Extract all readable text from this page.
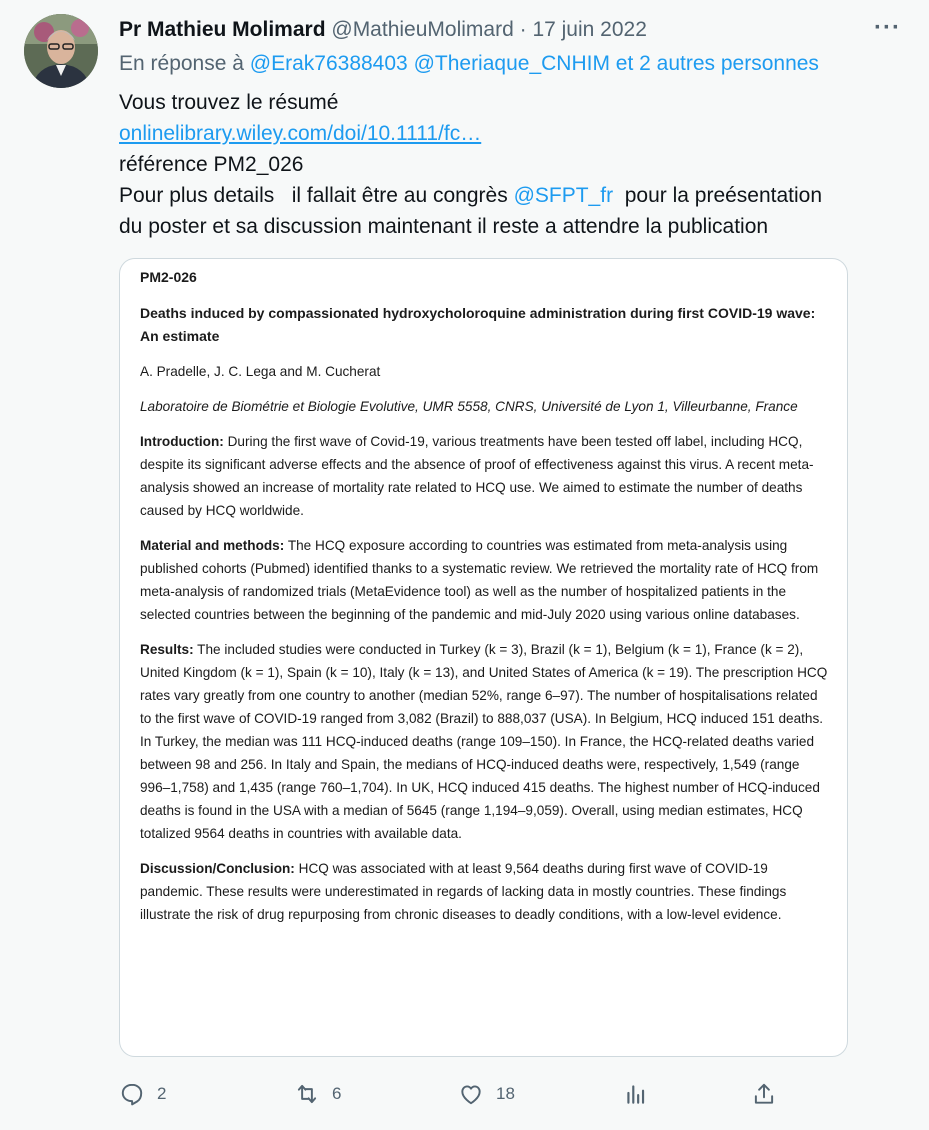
Pr Mathieu Molimard @MathieuMolimard · 17 juin 2022	···
En réponse à @Erak76388403 @Theriaque_CNHIM et 2 autres personnes
Vous trouvez le résumé
onlinelibrary.wiley.com/doi/10.1111/fc…
référence PM2_026
Pour plus details   il fallait être au congrès @SFPT_fr pour la preésentation
du poster et sa discussion maintenant il reste a attendre la publication
PM2-026
Deaths induced by compassionated hydroxycholoroquine administration during first COVID-19 wave: An estimate
A. Pradelle, J. C. Lega and M. Cucherat
Laboratoire de Biométrie et Biologie Evolutive, UMR 5558, CNRS, Université de Lyon 1, Villeurbanne, France
Introduction: During the first wave of Covid-19, various treatments have been tested off label, including HCQ, despite its significant adverse effects and the absence of proof of effectiveness against this virus. A recent meta-analysis showed an increase of mortality rate related to HCQ use. We aimed to estimate the number of deaths caused by HCQ worldwide.
Material and methods: The HCQ exposure according to countries was estimated from meta-analysis using published cohorts (Pubmed) identified thanks to a systematic review. We retrieved the mortality rate of HCQ from meta-analysis of randomized trials (MetaEvidence tool) as well as the number of hospitalized patients in the selected countries between the beginning of the pandemic and mid-July 2020 using various online databases.
Results: The included studies were conducted in Turkey (k = 3), Brazil (k = 1), Belgium (k = 1), France (k = 2), United Kingdom (k = 1), Spain (k = 10), Italy (k = 13), and United States of America (k = 19). The prescription HCQ rates vary greatly from one country to another (median 52%, range 6–97). The number of hospitalisations related to the first wave of COVID-19 ranged from 3,082 (Brazil) to 888,037 (USA). In Belgium, HCQ induced 151 deaths. In Turkey, the median was 111 HCQ-induced deaths (range 109–150). In France, the HCQ-related deaths varied between 98 and 256. In Italy and Spain, the medians of HCQ-induced deaths were, respectively, 1,549 (range 996–1,758) and 1,435 (range 760–1,704). In UK, HCQ induced 415 deaths. The highest number of HCQ-induced deaths is found in the USA with a median of 5645 (range 1,194–9,059). Overall, using median estimates, HCQ totalized 9564 deaths in countries with available data.
Discussion/Conclusion: HCQ was associated with at least 9,564 deaths during first wave of COVID-19 pandemic. These results were underestimated in regards of lacking data in mostly countries. These findings illustrate the risk of drug repurposing from chronic diseases to deadly conditions, with a low-level evidence.
2	6	18
